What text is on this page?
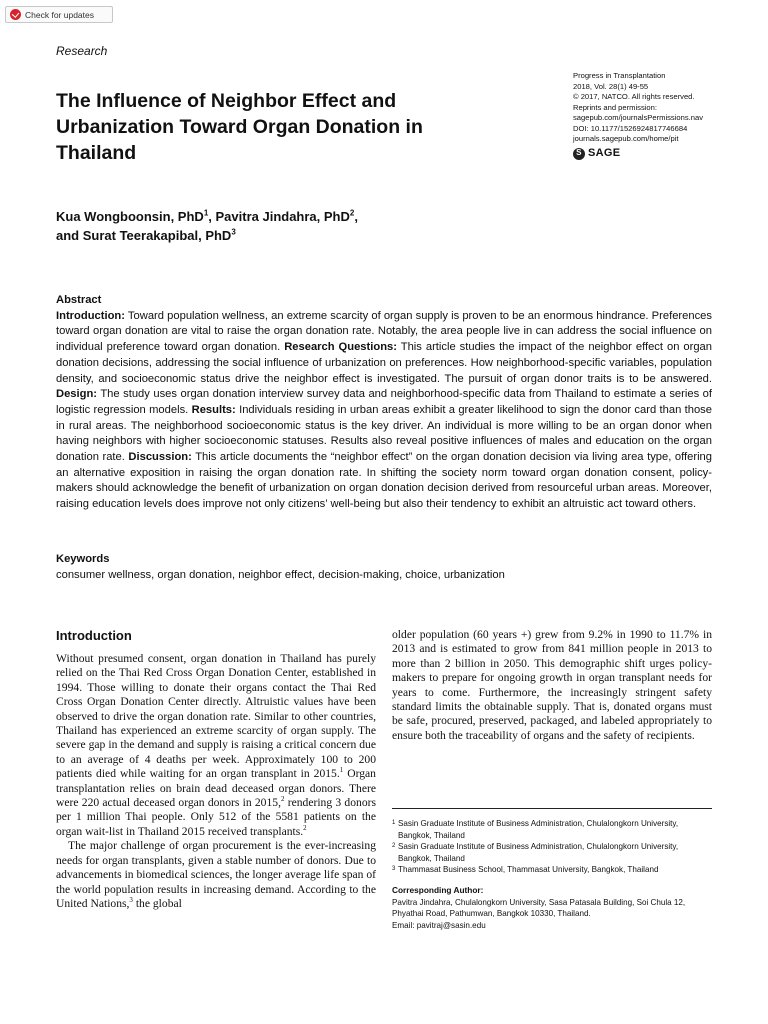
Check for updates
Research
The Influence of Neighbor Effect and Urbanization Toward Organ Donation in Thailand
Progress in Transplantation
2018, Vol. 28(1) 49-55
© 2017, NATCO. All rights reserved.
Reprints and permission:
sagepub.com/journalsPermissions.nav
DOI: 10.1177/1526924817746684
journals.sagepub.com/home/pit
S SAGE
Kua Wongboonsin, PhD$^1$, Pavitra Jindahra, PhD$^2$,
and Surat Teerakapibal, PhD$^3$
Abstract

Introduction: Toward population wellness, an extreme scarcity of organ supply is proven to be an enormous hindrance. Preferences toward organ donation are vital to raise the organ donation rate. Notably, the area people live in can address the social influence on individual preference toward organ donation. Research Questions: This article studies the impact of the neighbor effect on organ donation decisions, addressing the social influence of urbanization on preferences. How neighborhood-specific variables, population density, and socioeconomic status drive the neighbor effect is investigated. The pursuit of organ donor traits is to be answered. Design: The study uses organ donation interview survey data and neighborhood-specific data from Thailand to estimate a series of logistic regression models. Results: Individuals residing in urban areas exhibit a greater likelihood to sign the donor card than those in rural areas. The neighborhood socioeconomic status is the key driver. An individual is more willing to be an organ donor when having neighbors with higher socioeconomic statuses. Results also reveal positive influences of males and education on the organ donation rate. Discussion: This article documents the “neighbor effect” on the organ donation decision via living area type, offering an alternative exposition in raising the organ donation rate. In shifting the society norm toward organ donation consent, policy-makers should acknowledge the benefit of urbanization on organ donation decision derived from resourceful urban areas. Moreover, raising education levels does improve not only citizens’ well-being but also their tendency to exhibit an altruistic act toward others.

Keywords
consumer wellness, organ donation, neighbor effect, decision-making, choice, urbanization
Introduction

Without presumed consent, organ donation in Thailand has purely relied on the Thai Red Cross Organ Donation Center, established in 1994. Those willing to donate their organs contact the Thai Red Cross Organ Donation Center directly. Altruistic values have been observed to drive the organ donation rate. Similar to other countries, Thailand has experienced an extreme scarcity of organ supply. The severe gap in the demand and supply is raising a critical concern due to an average of 4 deaths per week. Approximately 100 to 200 patients died while waiting for an organ transplant in 2015.$^1$ Organ transplantation relies on brain dead deceased organ donors. There were 220 actual deceased organ donors in 2015,$^2$ rendering 3 donors per 1 million Thai people. Only 512 of the 5581 patients on the organ wait-list in Thailand 2015 received transplants.$^2$

The major challenge of organ procurement is the ever-increasing needs for organ transplants, given a stable number of donors. Due to advancements in biomedical sciences, the longer average life span of the world population results in increasing demand. According to the United Nations,$^3$ the global

older population (60 years +) grew from 9.2% in 1990 to 11.7% in 2013 and is estimated to grow from 841 million people in 2013 to more than 2 billion in 2050. This demographic shift urges policy-makers to prepare for ongoing growth in organ transplant needs for years to come. Furthermore, the increasingly stringent safety standard limits the obtainable supply. That is, donated organs must be safe, procured, preserved, packaged, and labeled appropriately to ensure both the traceability of organs and the safety of recipients.

1 Sasin Graduate Institute of Business Administration, Chulalongkorn University, Bangkok, Thailand
2 Sasin Graduate Institute of Business Administration, Chulalongkorn University, Bangkok, Thailand
3 Thammasat Business School, Thammasat University, Bangkok, Thailand
Corresponding Author:
Pavitra Jindahra, Chulalongkorn University, Sasa Patasala Building, Soi Chula 12, Phyathai Road, Pathumwan, Bangkok 10330, Thailand.
Email: pavitraj@sasin.edu
